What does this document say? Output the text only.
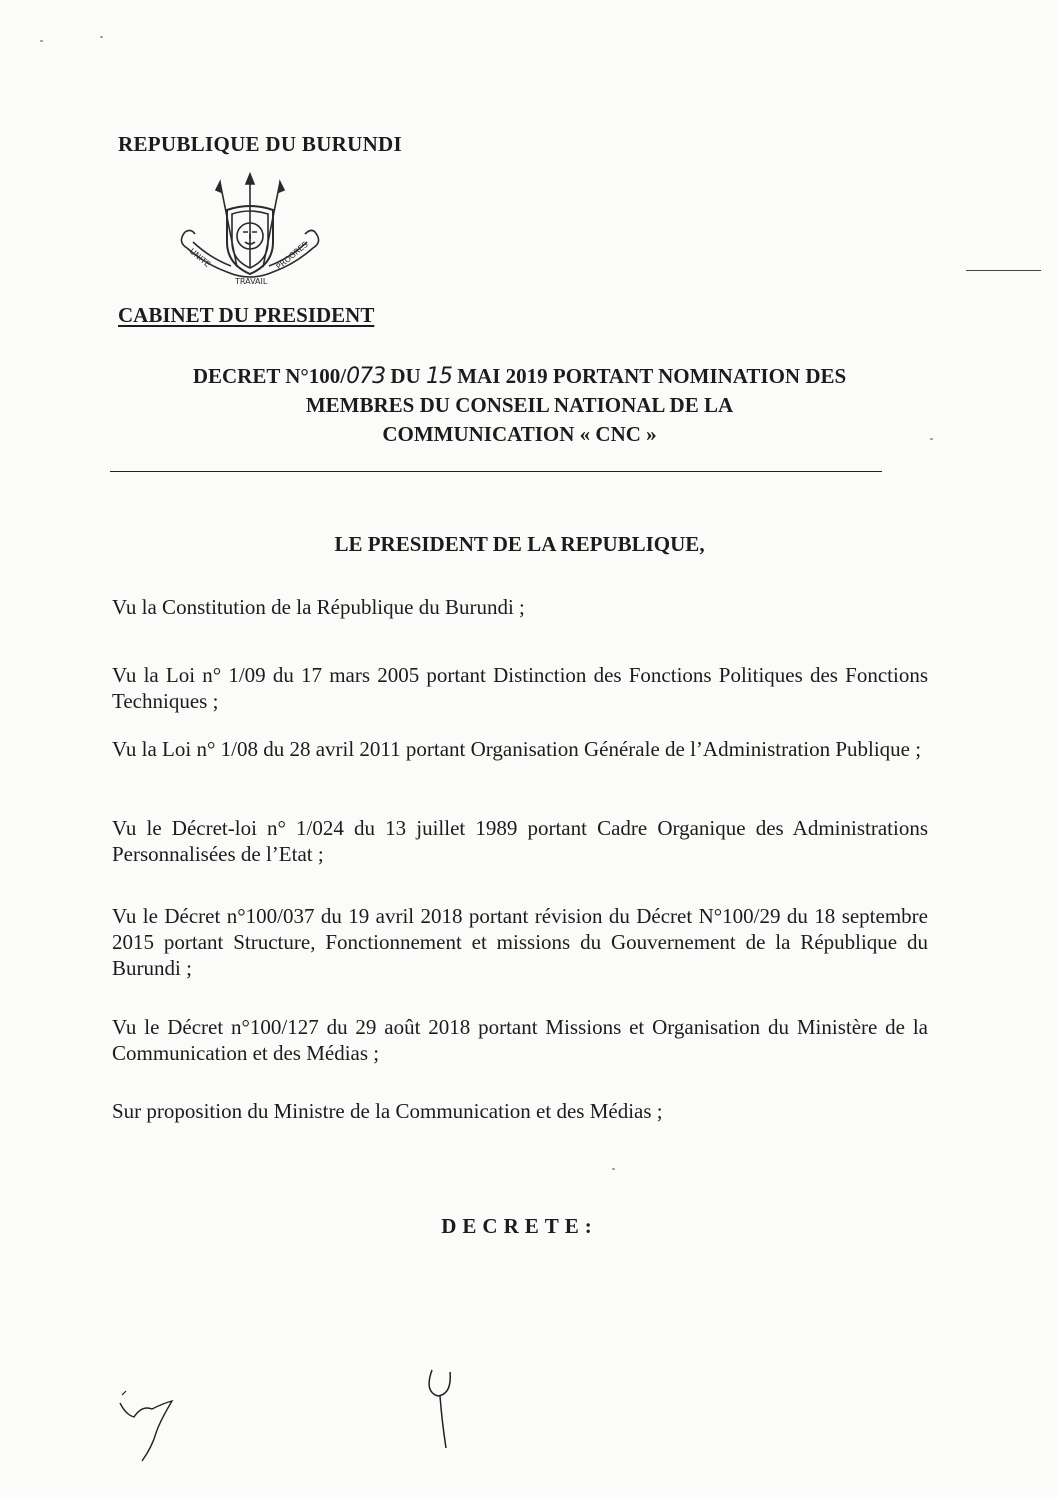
REPUBLIQUE DU BURUNDI
UNITE
TRAVAIL
PROGRES
CABINET DU PRESIDENT
DECRET N°100/073 DU 15 MAI 2019 PORTANT NOMINATION DES
MEMBRES DU CONSEIL NATIONAL DE LA
COMMUNICATION « CNC »
LE PRESIDENT DE LA REPUBLIQUE,
Vu la Constitution de la République du Burundi ;
Vu la Loi n° 1/09 du 17 mars 2005 portant Distinction des Fonctions Politiques des Fonctions Techniques ;
Vu la Loi n° 1/08 du 28 avril 2011 portant Organisation Générale de l’Administration Publique ;
Vu le Décret-loi n° 1/024 du 13 juillet 1989 portant Cadre Organique des Administrations Personnalisées de l’Etat ;
Vu le Décret n°100/037 du 19 avril 2018 portant révision du Décret N°100/29 du 18 septembre 2015 portant Structure, Fonctionnement et missions du Gouvernement de la République du Burundi ;
Vu le Décret n°100/127 du 29 août 2018 portant Missions et Organisation du Ministère de la Communication et des Médias ;
Sur proposition du Ministre de la Communication et des Médias ;
DECRETE:
